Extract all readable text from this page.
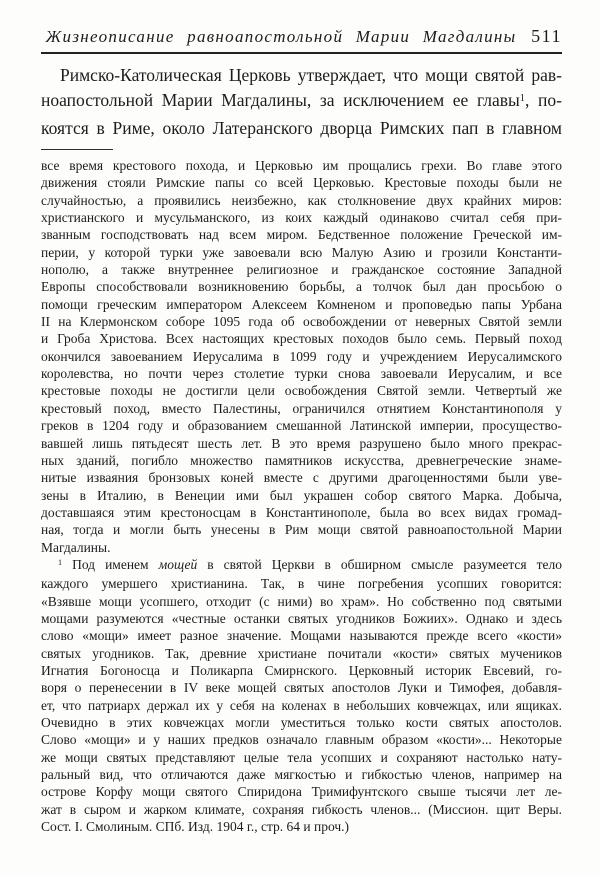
Жизнеописание равноапостольной Марии Магдалины 511
Римско-Католическая Церковь утверждает, что мощи святой рав-
ноапостольной Марии Магдалины, за исключением ее главы$^1$, по-
коятся в Риме, около Латеранского дворца Римских пап в главном
все время крестового похода, и Церковью им прощались грехи. Во главе этого
движения стояли Римские папы со всей Церковью. Крестовые походы были не
случайностью, а проявились неизбежно, как столкновение двух крайних миров:
христианского и мусульманского, из коих каждый одинаково считал себя при-
званным господствовать над всем миром. Бедственное положение Греческой им-
перии, у которой турки уже завоевали всю Малую Азию и грозили Константи-
нополю, а также внутреннее религиозное и гражданское состояние Западной
Европы способствовали возникновению борьбы, а толчок был дан просьбою о
помощи греческим императором Алексеем Комненом и проповедью папы Урбана
II на Клермонском соборе 1095 года об освобождении от неверных Святой земли
и Гроба Христова. Всех настоящих крестовых походов было семь. Первый поход
окончился завоеванием Иерусалима в 1099 году и учреждением Иерусалимского
королевства, но почти через столетие турки снова завоевали Иерусалим, и все
крестовые походы не достигли цели освобождения Святой земли. Четвертый же
крестовый поход, вместо Палестины, ограничился отнятием Константинополя у
греков в 1204 году и образованием смешанной Латинской империи, просущество-
вавшей лишь пятьдесят шесть лет. В это время разрушено было много прекрас-
ных зданий, погибло множество памятников искусства, древнегреческие знаме-
нитые изваяния бронзовых коней вместе с другими драгоценностями были уве-
зены в Италию, в Венеции ими был украшен собор святого Марка. Добыча,
доставшаяся этим крестоносцам в Константинополе, была во всех видах громад-
ная, тогда и могли быть унесены в Рим мощи святой равноапостольной Марии
Магдалины.
$^1$ Под именем мощей в святой Церкви в обширном смысле разумеется тело
каждого умершего христианина. Так, в чине погребения усопших говорится:
«Взявше мощи усопшего, отходит (с ними) во храм». Но собственно под святыми
мощами разумеются «честные останки святых угодников Божиих». Однако и здесь
слово «мощи» имеет разное значение. Мощами называются прежде всего «кости»
святых угодников. Так, древние христиане почитали «кости» святых мучеников
Игнатия Богоносца и Поликарпа Смирнского. Церковный историк Евсевий, го-
воря о перенесении в IV веке мощей святых апостолов Луки и Тимофея, добавля-
ет, что патриарх держал их у себя на коленах в небольших ковчежцах, или ящиках.
Очевидно в этих ковчежцах могли уместиться только кости святых апостолов.
Слово «мощи» и у наших предков означало главным образом «кости»... Некоторые
же мощи святых представляют целые тела усопших и сохраняют настолько нату-
ральный вид, что отличаются даже мягкостью и гибкостью членов, например на
острове Корфу мощи святого Спиридона Тримифунтского свыше тысячи лет ле-
жат в сыром и жарком климате, сохраняя гибкость членов... (Миссион. щит Веры.
Сост. I. Смолиным. СПб. Изд. 1904 г., стр. 64 и проч.)
